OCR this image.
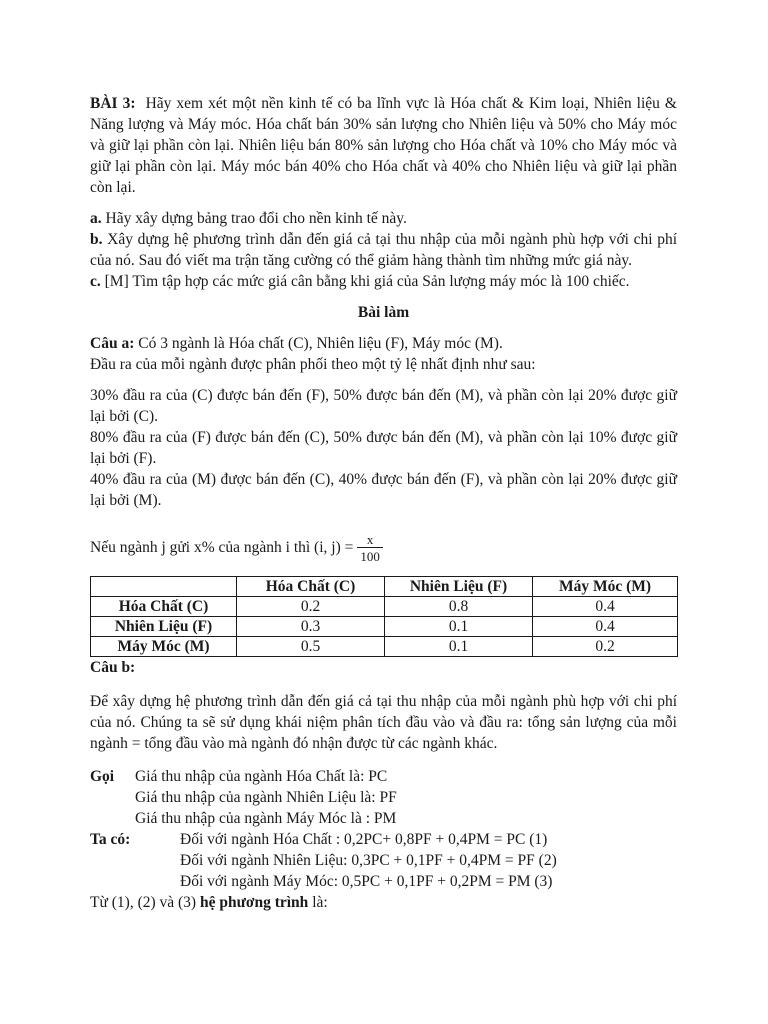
BÀI 3: Hãy xem xét một nền kinh tế có ba lĩnh vực là Hóa chất & Kim loại, Nhiên liệu & Năng lượng và Máy móc. Hóa chất bán 30% sản lượng cho Nhiên liệu và 50% cho Máy móc và giữ lại phần còn lại. Nhiên liệu bán 80% sản lượng cho Hóa chất và 10% cho Máy móc và giữ lại phần còn lại. Máy móc bán 40% cho Hóa chất và 40% cho Nhiên liệu và giữ lại phần còn lại.

a. Hãy xây dựng bảng trao đổi cho nền kinh tế này.

b. Xây dựng hệ phương trình dẫn đến giá cả tại thu nhập của mỗi ngành phù hợp với chi phí của nó. Sau đó viết ma trận tăng cường có thể giảm hàng thành tìm những mức giá này.

c. [M] Tìm tập hợp các mức giá cân bằng khi giá của Sản lượng máy móc là 100 chiếc.

Bài làm

Câu a: Có 3 ngành là Hóa chất (C), Nhiên liệu (F), Máy móc (M).

Đầu ra của mỗi ngành được phân phối theo một tỷ lệ nhất định như sau:

30% đầu ra của (C) được bán đến (F), 50% được bán đến (M), và phần còn lại 20% được giữ lại bởi (C).

80% đầu ra của (F) được bán đến (C), 50% được bán đến (M), và phần còn lại 10% được giữ lại bởi (F).

40% đầu ra của (M) được bán đến (C), 40% được bán đến (F), và phần còn lại 20% được giữ lại bởi (M).

Nếu ngành j gửi x% của ngành i thì (i, $j) = \frac{x}{100}$

	Hóa Chất (C)	Nhiên Liệu (F)	Máy Móc (M)
Hóa Chất (C)	0.2	0.8	0.4
Nhiên Liệu (F)	0.3	0.1	0.4
Máy Móc (M)	0.5	0.1	0.2

Câu b:

Để xây dựng hệ phương trình dẫn đến giá cả tại thu nhập của mỗi ngành phù hợp với chi phí của nó. Chúng ta sẽ sử dụng khái niệm phân tích đầu vào và đầu ra: tổng sản lượng của mỗi ngành = tổng đầu vào mà ngành đó nhận được từ các ngành khác.

Gọi Giá thu nhập của ngành Hóa Chất là: PC
Giá thu nhập của ngành Nhiên Liệu là: PF
Giá thu nhập của ngành Máy Móc là : PM
Ta có:	Đối với ngành Hóa Chất : 0,2PC+ 0,8PF + 0,4PM = PC (1)
Đối với ngành Nhiên Liệu: 0,3PC + 0,1PF + 0,4PM = PF (2)
Đối với ngành Máy Móc: 0,5PC + 0,1PF + 0,2PM = PM (3)

Từ (1), (2) và (3) hệ phương trình là:
